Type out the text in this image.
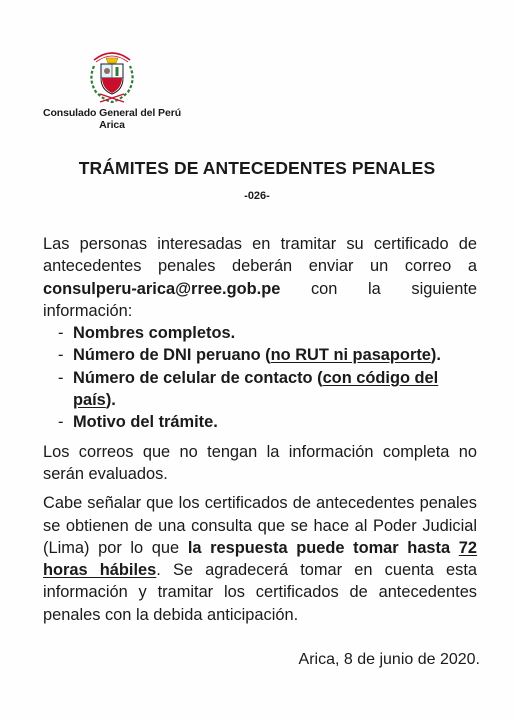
Consulado General del Perú
Arica
TRÁMITES DE ANTECEDENTES PENALES
-026-

Las personas interesadas en tramitar su certificado de antecedentes penales deberán enviar un correo a consulperu-arica@rree.gob.pe con la siguiente información:

- Nombres completos.
- Número de DNI peruano (no RUT ni pasaporte).
- Número de celular de contacto (con código del país).
- Motivo del trámite.

Los correos que no tengan la información completa no serán evaluados.

Cabe señalar que los certificados de antecedentes penales se obtienen de una consulta que se hace al Poder Judicial (Lima) por lo que la respuesta puede tomar hasta 72 horas hábiles. Se agradecerá tomar en cuenta esta información y tramitar los certificados de antecedentes penales con la debida anticipación.

Arica, 8 de junio de 2020.
